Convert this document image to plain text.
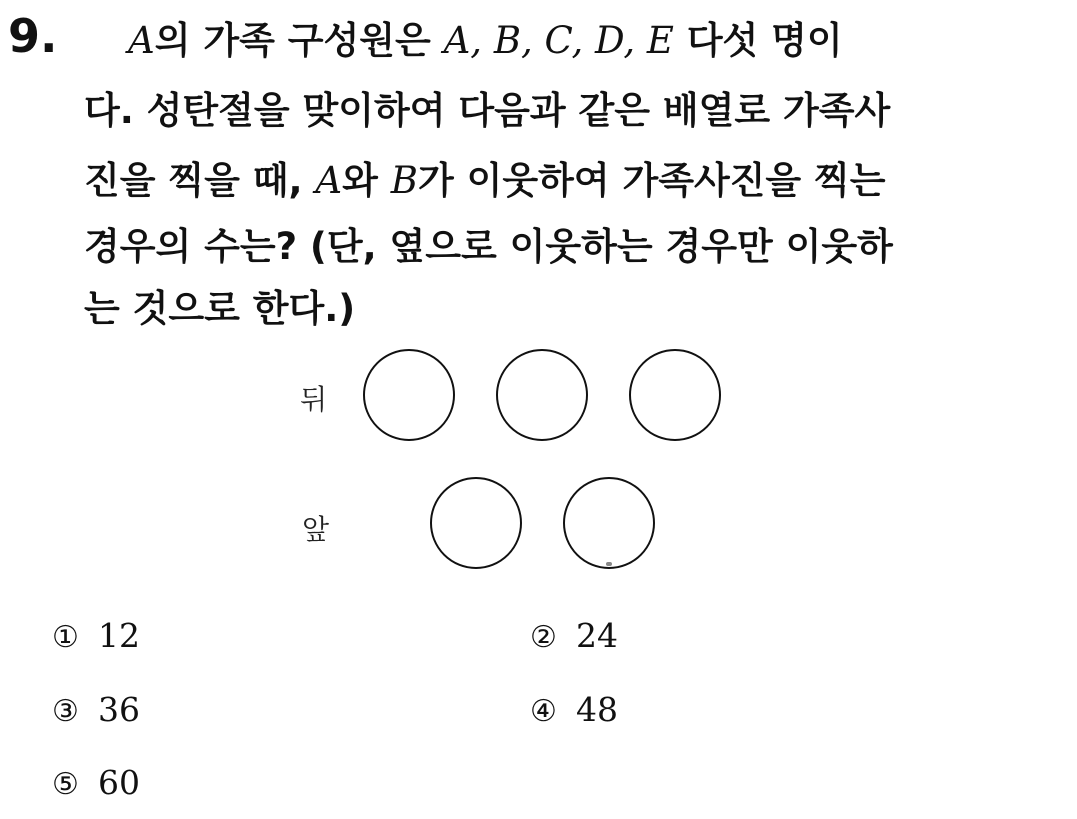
9. A의 가족 구성원은 A, B, C, D, E 다섯 명이
다. 성탄절을 맞이하여 다음과 같은 배열로 가족사
진을 찍을 때, A와 B가 이웃하여 가족사진을 찍는
경우의 수는? (단, 옆으로 이웃하는 경우만 이웃하
는 것으로 한다.)
뒤
앞
① 12	② 24
③ 36	④ 48
⑤ 60
